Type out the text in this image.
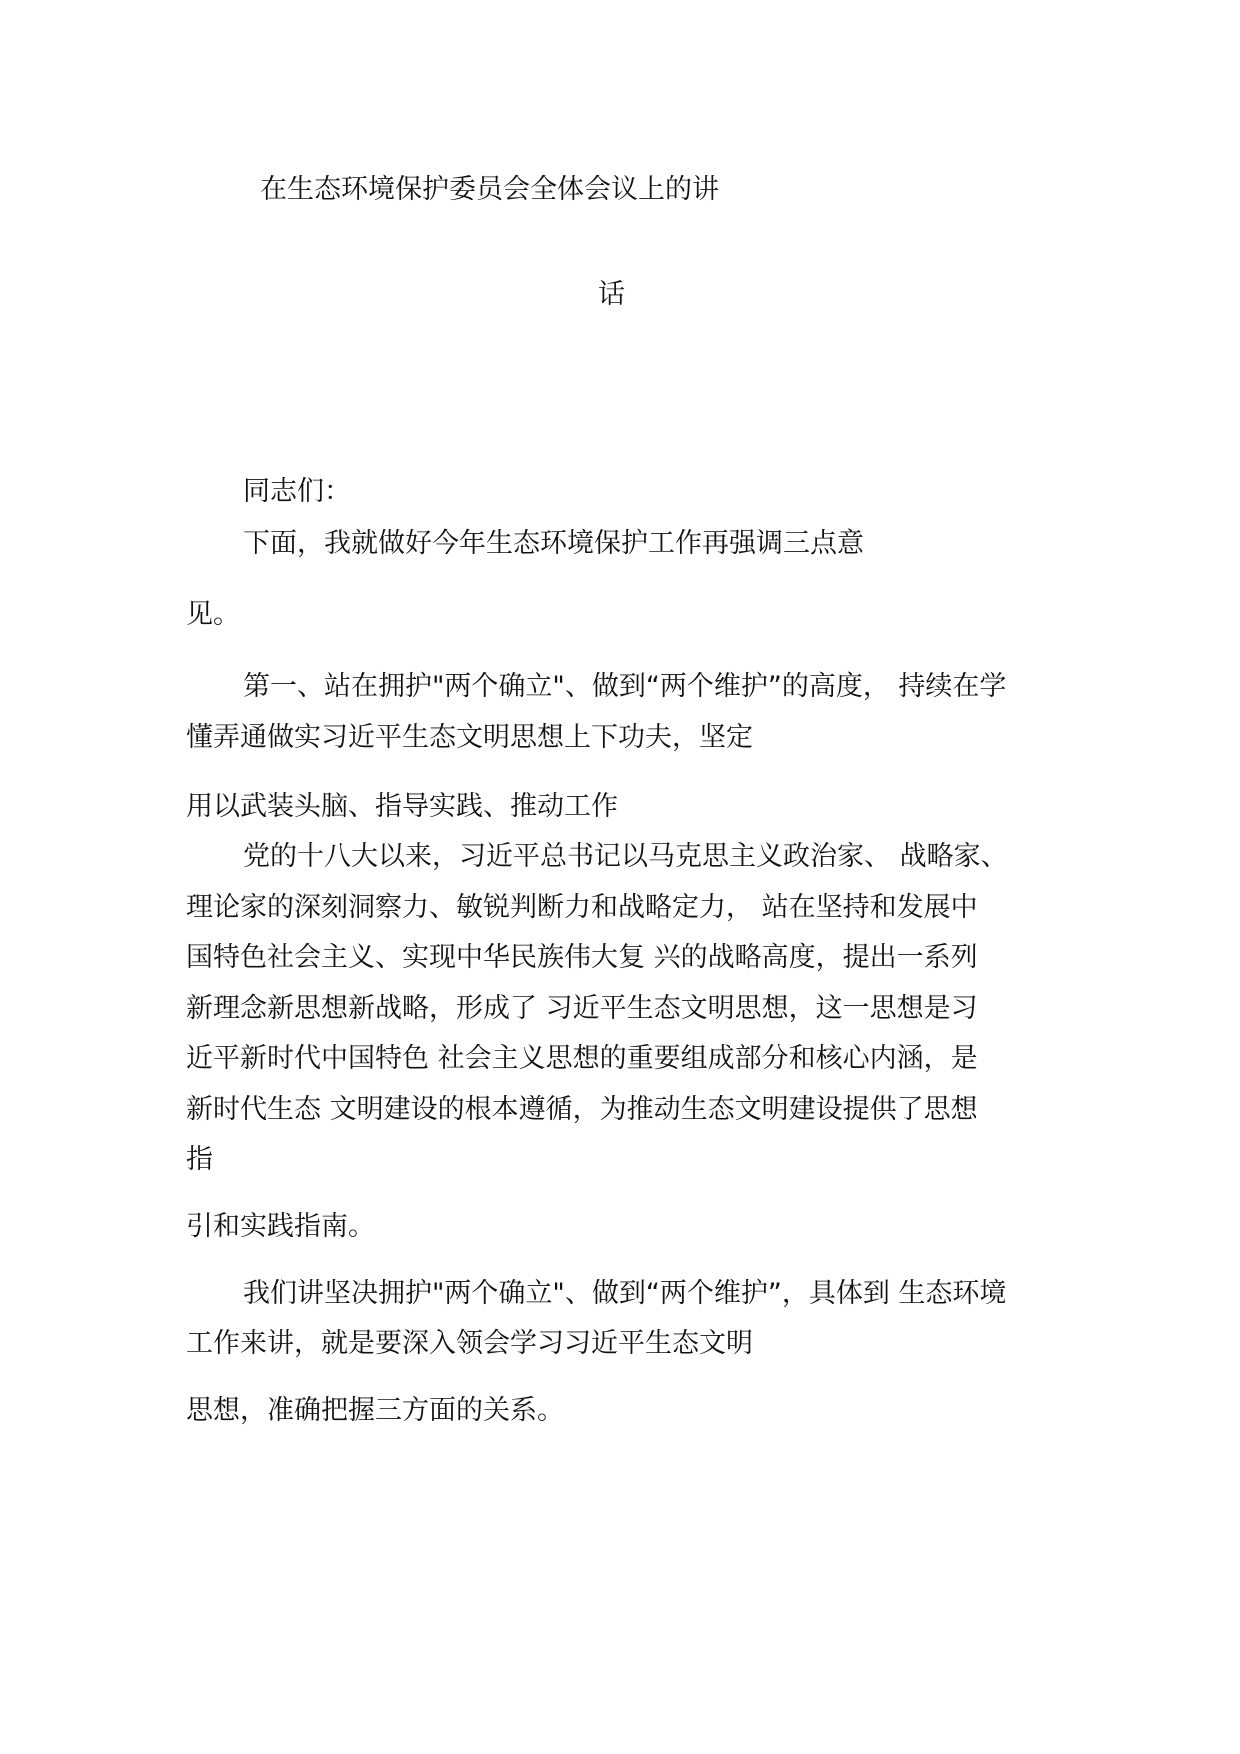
在生态环境保护委员会全体会议上的讲
话
同志们：
下面，我就做好今年生态环境保护工作再强调三点意
见。
第一、站在拥护"两个确立"、做到“两个维护”的高度， 持续在学
懂弄通做实习近平生态文明思想上下功夫，坚定
用以武装头脑、指导实践、推动工作
党的十八大以来，习近平总书记以马克思主义政治家、 战略家、
理论家的深刻洞察力、敏锐判断力和战略定力， 站在坚持和发展中
国特色社会主义、实现中华民族伟大复 兴的战略高度，提出一系列
新理念新思想新战略，形成了 习近平生态文明思想，这一思想是习
近平新时代中国特色 社会主义思想的重要组成部分和核心内涵，是
新时代生态 文明建设的根本遵循，为推动生态文明建设提供了思想
指
引和实践指南。
我们讲坚决拥护"两个确立"、做到“两个维护”，具体到 生态环境
工作来讲，就是要深入领会学习习近平生态文明
思想，准确把握三方面的关系。
